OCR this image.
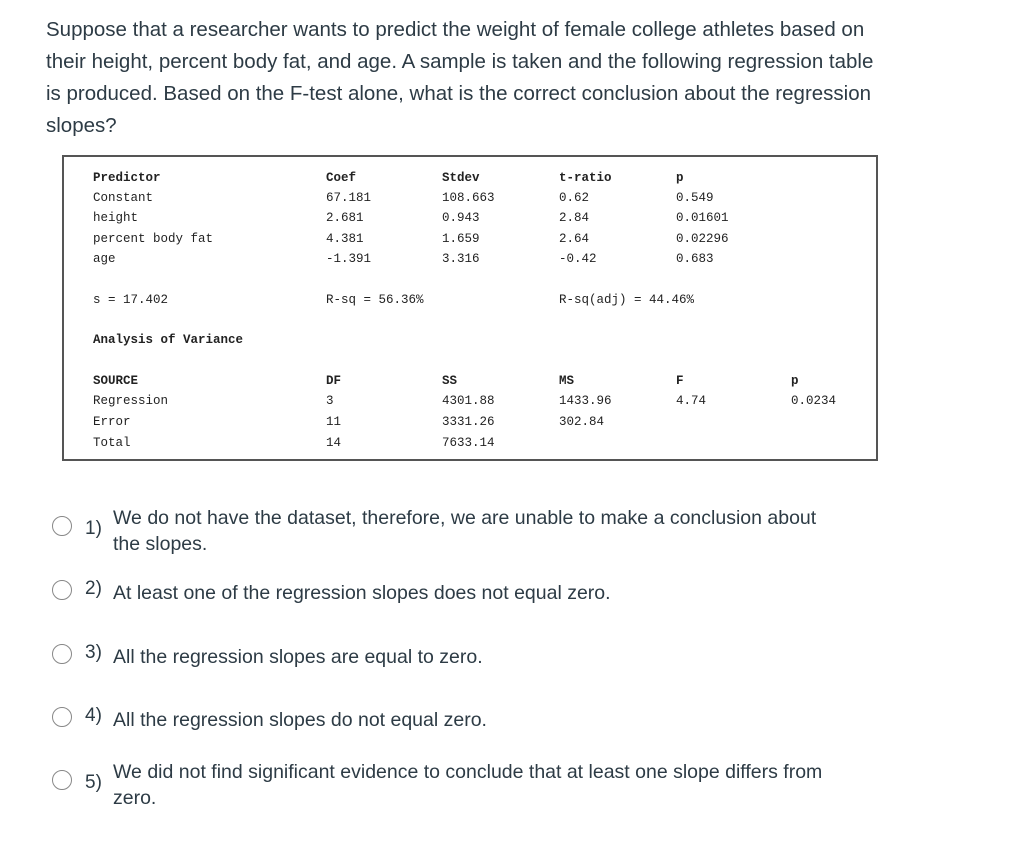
Suppose that a researcher wants to predict the weight of female college athletes based on their height, percent body fat, and age. A sample is taken and the following regression table is produced. Based on the F-test alone, what is the correct conclusion about the regression slopes?

Predictor	Coef	Stdev	t-ratio	p
Constant	67.181	108.663	0.62	0.549
height	2.681	0.943	2.84	0.01601
percent body fat	4.381	1.659	2.64	0.02296
age	-1.391	3.316	-0.42	0.683
s = 17.402	R-sq = 56.36%	R-sq(adj) = 44.46%
Analysis of Variance
SOURCE	DF	SS	MS	F	p
Regression	3	4301.88	1433.96	4.74	0.0234
Error	11	3331.26	302.84
Total	14	7633.14
1) We do not have the dataset, therefore, we are unable to make a conclusion about the slopes.
2) At least one of the regression slopes does not equal zero.
3) All the regression slopes are equal to zero.
4) All the regression slopes do not equal zero.
5) We did not find significant evidence to conclude that at least one slope differs from zero.
